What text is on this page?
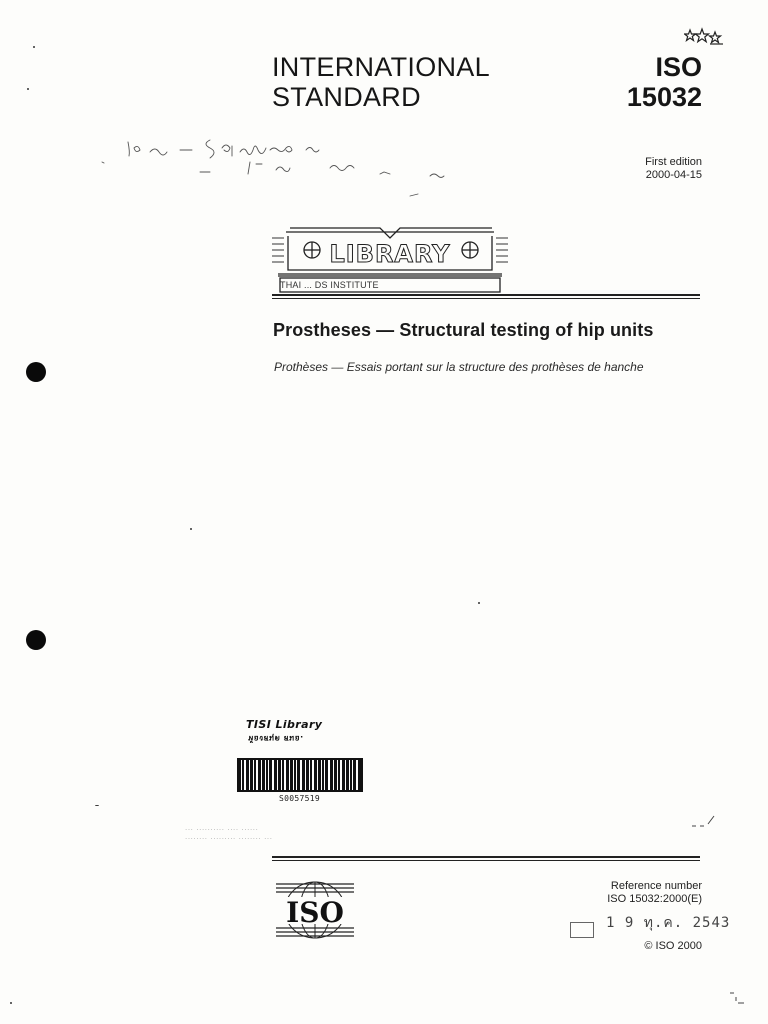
INTERNATIONAL
STANDARD
ISO
15032
First edition
2000-04-15
LIBRARY
THAI ... DS INSTITUTE
Prostheses — Structural testing of hip units
Prothèses — Essais portant sur la structure des prothèses de hanche
TISI Library
ห้องสมุด สมอ.
S0057519
··· ·········· ···· ······
········ ········· ········ ···
ISO
Reference number
ISO 15032:2000(E)
1 9 ทุ.ค. 2543
© ISO 2000
